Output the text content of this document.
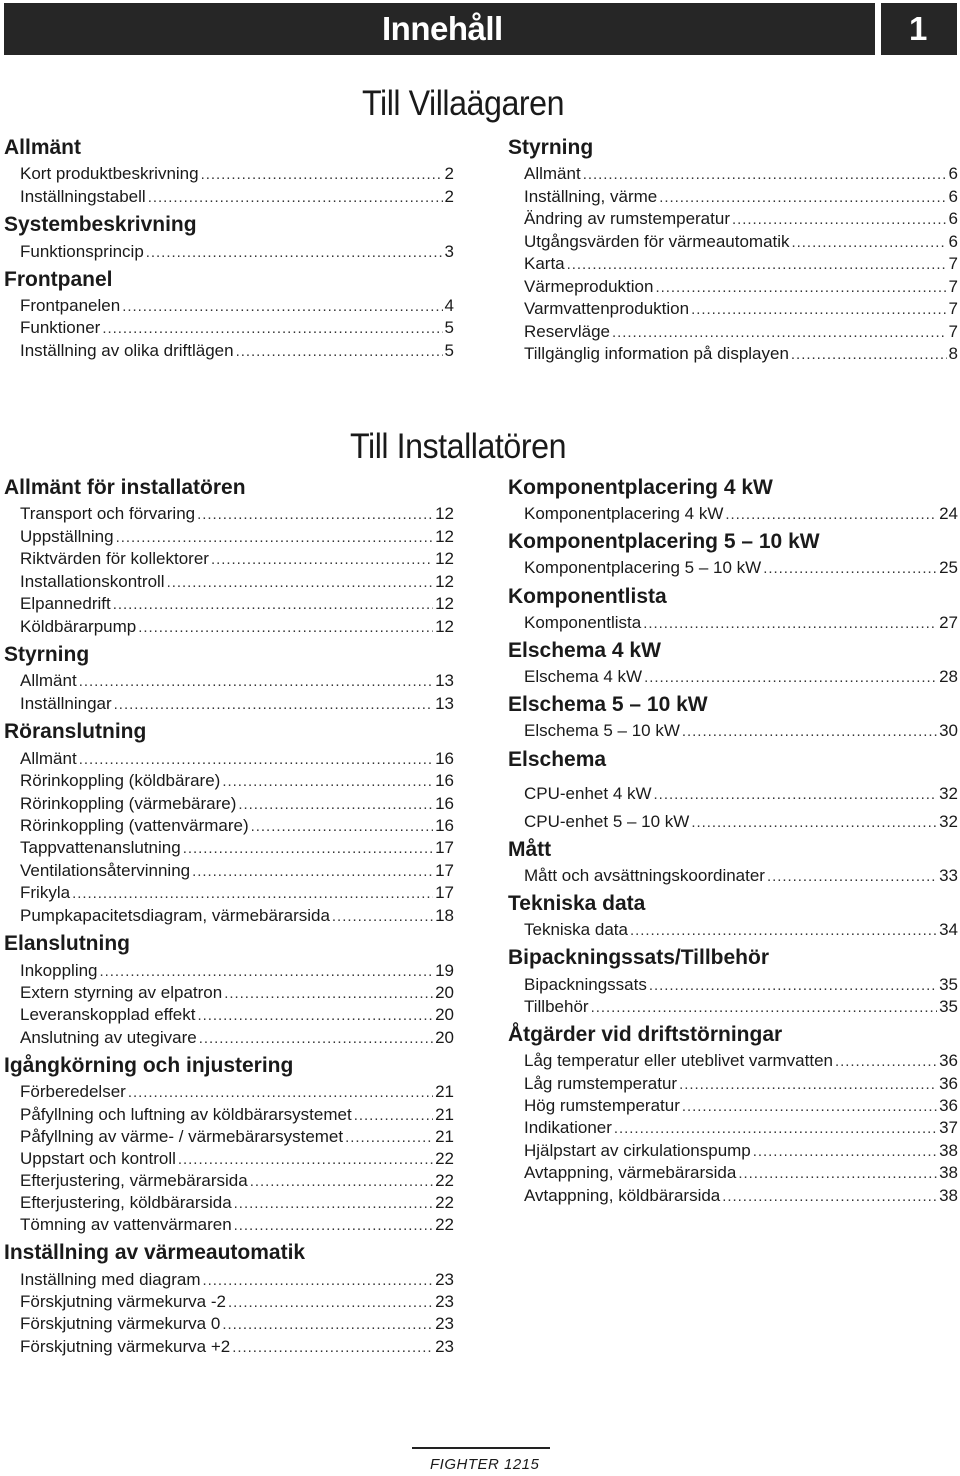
Innehåll	1
Till Villaägaren
Till Installatören
Allmänt
Kort produktbeskrivning . . .	2
Inställningstabell . . .	2
Systembeskrivning
Funktionsprincip . . .	3
Frontpanel
Frontpanelen . . .	4
Funktioner . . .	5
Inställning av olika driftlägen . . .	5
Styrning
Allmänt . . .	6
Inställning, värme . . .	6
Ändring av rumstemperatur . . .	6
Utgångsvärden för värmeautomatik . . .	6
Karta . . .	7
Värmeproduktion . . .	7
Varmvattenproduktion . . .	7
Reservläge . . .	7
Tillgänglig information på displayen . . .	8
Allmänt för installatören
Transport och förvaring . . .	12
Uppställning . . .	12
Riktvärden för kollektorer . . .	12
Installationskontroll . . .	12
Elpannedrift . . .	12
Köldbärarpump . . .	12
Styrning
Allmänt . . .	13
Inställningar . . .	13
Röranslutning
Allmänt . . .	16
Rörinkoppling (köldbärare) . . .	16
Rörinkoppling (värmebärare) . . .	16
Rörinkoppling (vattenvärmare) . . .	16
Tappvattenanslutning . . .	17
Ventilationsåtervinning . . .	17
Frikyla . . .	17
Pumpkapacitetsdiagram, värmebärarsida . . .	18
Elanslutning
Inkoppling . . .	19
Extern styrning av elpatron . . .	20
Leveranskopplad effekt . . .	20
Anslutning av utegivare . . .	20
Igångkörning och injustering
Förberedelser . . .	21
Påfyllning och luftning av köldbärarsystemet . . .	21
Påfyllning av värme- / värmebärarsystemet . . .	21
Uppstart och kontroll . . .	22
Efterjustering, värmebärarsida . . .	22
Efterjustering, köldbärarsida . . .	22
Tömning av vattenvärmaren . . .	22
Inställning av värmeautomatik
Inställning med diagram . . .	23
Förskjutning värmekurva -2 . . .	23
Förskjutning värmekurva 0 . . .	23
Förskjutning värmekurva +2 . . .	23
Komponentplacering 4 kW
Komponentplacering 4 kW . . .	24
Komponentplacering 5 – 10 kW
Komponentplacering 5 – 10 kW . . .	25
Komponentlista
Komponentlista . . .	27
Elschema 4 kW
Elschema 4 kW . . .	28
Elschema 5 – 10 kW
Elschema 5 – 10 kW . . .	30
Elschema
CPU-enhet 4 kW . . .	32
CPU-enhet 5 – 10 kW . . .	32
Mått
Mått och avsättningskoordinater . . .	33
Tekniska data
Tekniska data . . .	34
Bipackningssats/Tillbehör
Bipackningssats . . .	35
Tillbehör . . .	35
Åtgärder vid driftstörningar
Låg temperatur eller uteblivet varmvatten . . .	36
Låg rumstemperatur . . .	36
Hög rumstemperatur . . .	36
Indikationer . . .	37
Hjälpstart av cirkulationspump . . .	38
Avtappning, värmebärarsida . . .	38
Avtappning, köldbärarsida . . .	38
FIGHTER 1215
